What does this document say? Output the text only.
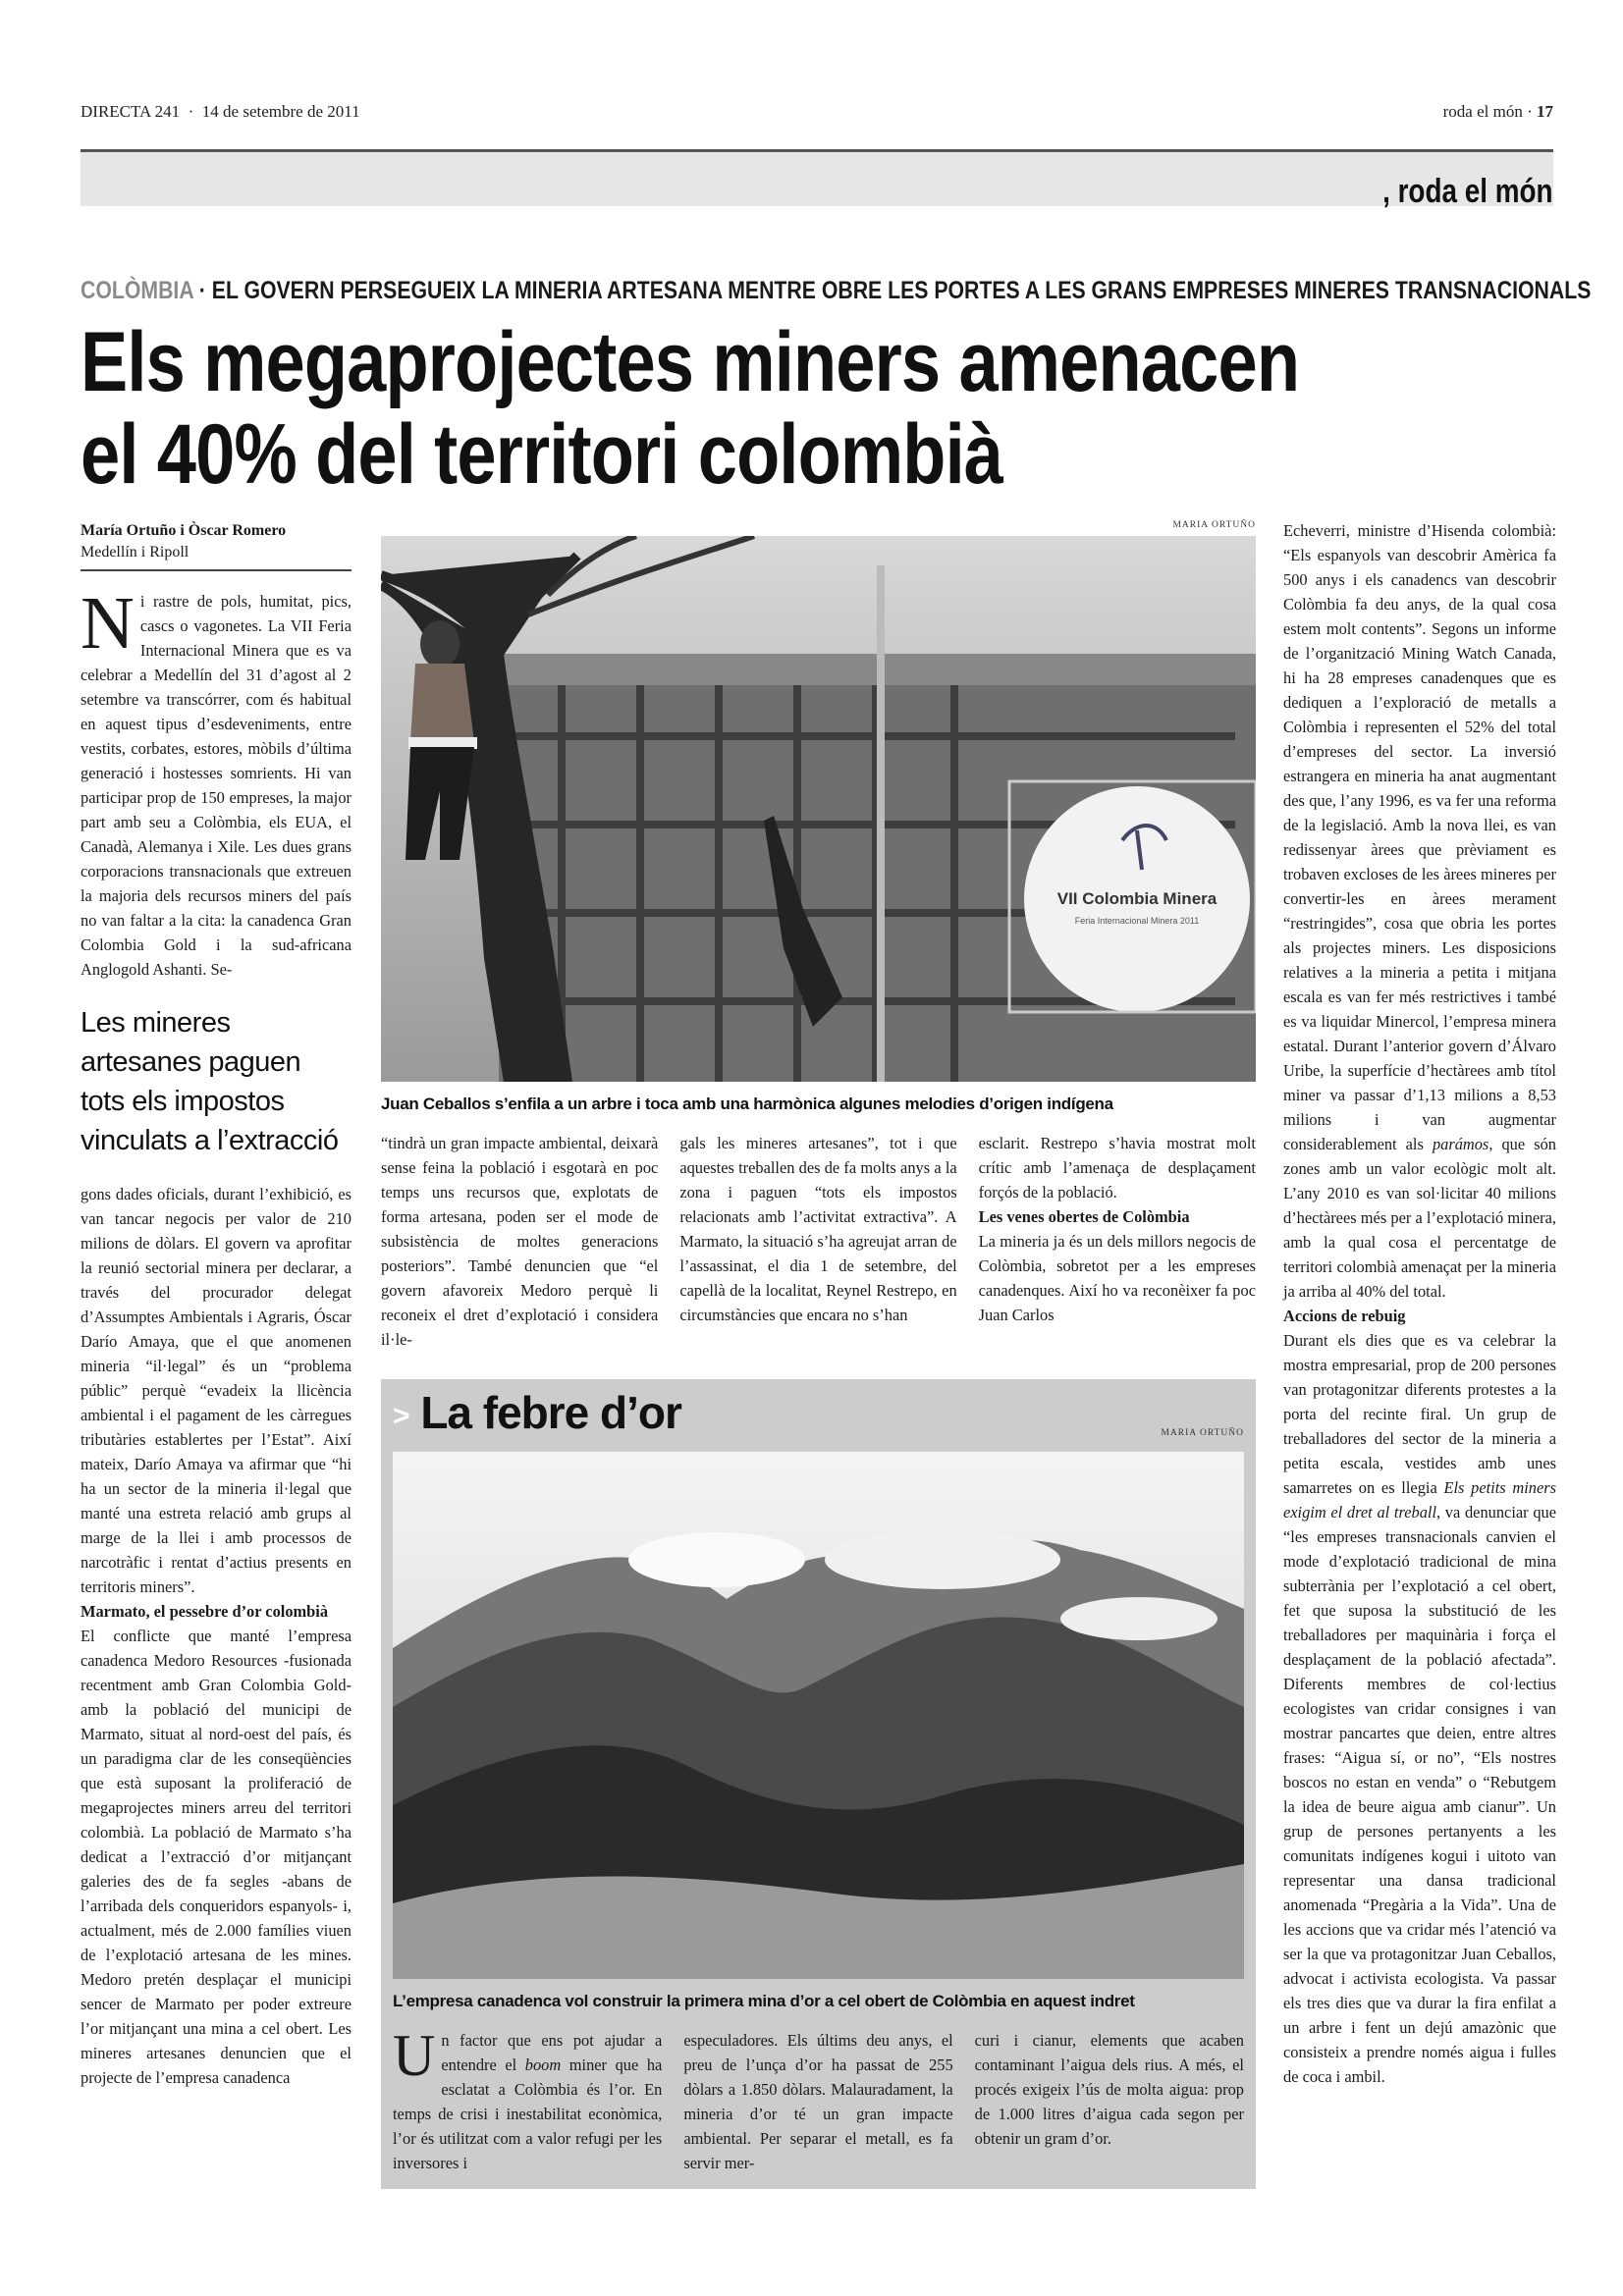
DIRECTA 241 · 14 de setembre de 2011	roda el món · 17
, roda el món
COLÒMBIA · EL GOVERN PERSEGUEIX LA MINERIA ARTESANA MENTRE OBRE LES PORTES A LES GRANS EMPRESES MINERES TRANSNACIONALS
Els megaprojectes miners amenacen
el 40% del territori colombià
María Ortuño i Òscar Romero
Medellín i Ripoll
N i rastre de pols, humitat, pics, cascs o vagonetes. La VII Feria Internacional Minera que es va celebrar a Medellín del 31 d’agost al 2 setembre va transcórrer, com és habitual en aquest tipus d’esdeveniments, entre vestits, corbates, estores, mòbils d’última generació i hostesses somrients. Hi van participar prop de 150 empreses, la major part amb seu a Colòmbia, els EUA, el Canadà, Alemanya i Xile. Les dues grans corporacions transnacionals que extreuen la majoria dels recursos miners del país no van faltar a la cita: la canadenca Gran Colombia Gold i la sud-africana Anglogold Ashanti. Se-
Les mineres artesanes paguen tots els impostos vinculats a l’extracció

gons dades oficials, durant l’exhibició, es van tancar negocis per valor de 210 milions de dòlars. El govern va aprofitar la reunió sectorial minera per declarar, a través del procurador delegat d’Assumptes Ambientals i Agraris, Óscar Darío Amaya, que el que anomenen mineria “il·legal” és un “problema públic” perquè “evadeix la llicència ambiental i el pagament de les càrregues tributàries establertes per l’Estat”. Així mateix, Darío Amaya va afirmar que “hi ha un sector de la mineria il·legal que manté una estreta relació amb grups al marge de la llei i amb processos de narcotràfic i rentat d’actius presents en territoris miners”.

Marmato, el pessebre d’or colombià

El conflicte que manté l’empresa canadenca Medoro Resources -fusionada recentment amb Gran Colombia Gold- amb la població del municipi de Marmato, situat al nord-oest del país, és un paradigma clar de les conseqüències que està suposant la proliferació de megaprojectes miners arreu del territori colombià. La població de Marmato s’ha dedicat a l’extracció d’or mitjançant galeries des de fa segles -abans de l’arribada dels conqueridors espanyols- i, actualment, més de 2.000 famílies viuen de l’explotació artesana de les mines. Medoro pretén desplaçar el municipi sencer de Marmato per poder extreure l’or mitjançant una mina a cel obert. Les mineres artesanes denuncien que el projecte de l’empresa canadenca

MARIA ORTUÑO
VII Colombia Minera
Feria Internacional Minera 2011
Juan Ceballos s’enfila a un arbre i toca amb una harmònica algunes melodies d’origen indígena

“tindrà un gran impacte ambiental, deixarà sense feina la població i esgotarà en poc temps uns recursos que, explotats de forma artesana, poden ser el mode de subsistència de moltes generacions posteriors”. També denuncien que “el govern afavoreix Medoro perquè li reconeix el dret d’explotació i considera il·le-

gals les mineres artesanes”, tot i que aquestes treballen des de fa molts anys a la zona i paguen “tots els impostos relacionats amb l’activitat extractiva”. A Marmato, la situació s’ha agreujat arran de l’assassinat, el dia 1 de setembre, del capellà de la localitat, Reynel Restrepo, en circumstàncies que encara no s’han

esclarit. Restrepo s’havia mostrat molt crític amb l’amenaça de desplaçament forçós de la població.

Les venes obertes de Colòmbia

La mineria ja és un dels millors negocis de Colòmbia, sobretot per a les empreses canadenques. Així ho va reconèixer fa poc Juan Carlos

> La febre d’or	MARIA ORTUÑO
L’empresa canadenca vol construir la primera mina d’or a cel obert de Colòmbia en aquest indret
U n factor que ens pot ajudar a entendre el boom miner que ha esclatat a Colòmbia és l’or. En temps de crisi i inestabilitat econòmica, l’or és utilitzat com a valor refugi per les inversores i

especuladores. Els últims deu anys, el preu de l’unça d’or ha passat de 255 dòlars a 1.850 dòlars. Malauradament, la mineria d’or té un gran impacte ambiental. Per separar el metall, es fa servir mer-

curi i cianur, elements que acaben contaminant l’aigua dels rius. A més, el procés exigeix l’ús de molta aigua: prop de 1.000 litres d’aigua cada segon per obtenir un gram d’or.

Echeverri, ministre d’Hisenda colombià: “Els espanyols van descobrir Amèrica fa 500 anys i els canadencs van descobrir Colòmbia fa deu anys, de la qual cosa estem molt contents”. Segons un informe de l’organització Mining Watch Canada, hi ha 28 empreses canadenques que es dediquen a l’exploració de metalls a Colòmbia i representen el 52% del total d’empreses del sector. La inversió estrangera en mineria ha anat augmentant des que, l’any 1996, es va fer una reforma de la legislació. Amb la nova llei, es van redissenyar àrees que prèviament es trobaven excloses de les àrees mineres per convertir-les en àrees merament “restringides”, cosa que obria les portes als projectes miners. Les disposicions relatives a la mineria a petita i mitjana escala es van fer més restrictives i també es va liquidar Minercol, l’empresa minera estatal. Durant l’anterior govern d’Álvaro Uribe, la superfície d’hectàrees amb títol miner va passar d’1,13 milions a 8,53 milions i van augmentar considerablement als parámos, que són zones amb un valor ecològic molt alt. L’any 2010 es van sol·licitar 40 milions d’hectàrees més per a l’explotació minera, amb la qual cosa el percentatge de territori colombià amenaçat per la mineria ja arriba al 40% del total.

Accions de rebuig

Durant els dies que es va celebrar la mostra empresarial, prop de 200 persones van protagonitzar diferents protestes a la porta del recinte firal. Un grup de treballadores del sector de la mineria a petita escala, vestides amb unes samarretes on es llegia Els petits miners exigim el dret al treball, va denunciar que “les empreses transnacionals canvien el mode d’explotació tradicional de mina subterrània per l’explotació a cel obert, fet que suposa la substitució de les treballadores per maquinària i força el desplaçament de la població afectada”. Diferents membres de col·lectius ecologistes van cridar consignes i van mostrar pancartes que deien, entre altres frases: “Aigua sí, or no”, “Els nostres boscos no estan en venda” o “Rebutgem la idea de beure aigua amb cianur”. Un grup de persones pertanyents a les comunitats indígenes kogui i uitoto van representar una dansa tradicional anomenada “Pregària a la Vida”. Una de les accions que va cridar més l’atenció va ser la que va protagonitzar Juan Ceballos, advocat i activista ecologista. Va passar els tres dies que va durar la fira enfilat a un arbre i fent un dejú amazònic que consisteix a prendre només aigua i fulles de coca i ambil.
